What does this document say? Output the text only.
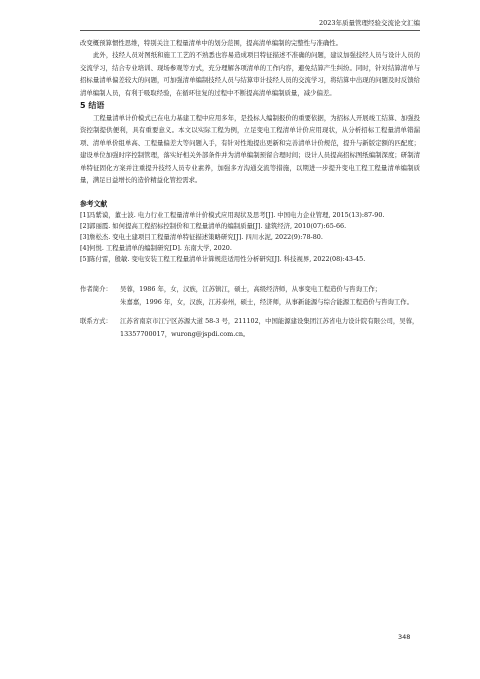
2023年质量管理经验交流论文汇编

改变概预算惯性思维，特别关注工程量清单中的划分范围，提高清单编制的完整性与准确性。

此外，技经人员对图纸和施工工艺的不熟悉也容易造成项目特征描述不准确的问题，建议加强技经人员与设计人员的交流学习，结合专业培训、现场参观等方式，充分理解各项清单的工作内容，避免结算产生纠纷。同时，针对结算清单与招标量清单偏差较大的问题，可加强清单编制技经人员与结算审计技经人员的交流学习，将结算中出现的问题及时反馈给清单编制人员，有利于吸取经验，在循环往复的过程中不断提高清单编制质量，减少偏差。

5 结语

工程量清单计价模式已在电力基建工程中应用多年，是投标人编制报价的重要依据，为招标人开展竣工结算、加强投资控制提供便利，具有重要意义。本文以实际工程为例，立足变电工程清单计价应用现状，从分析招标工程量清单错漏项、清单单价组单高、工程量偏差大等问题入手，有针对性地提出更新和完善清单计价规范，提升与新版定额的匹配度；建设单位加强时序控制管理，落实好相关外部条件并为清单编制预留合理时间；设计人员提高招标图纸编制深度；研制清单特征固化方案并注重提升技经人员专业素养，加强多方沟通交流等措施，以期进一步提升变电工程工程量清单编制质量，满足日益增长的造价精益化管控需求。

参考文献

[1]冯紫谟，董士波. 电力行业工程量清单计价模式应用现状及思考[J]. 中国电力企业管理, 2015(13):87-90.

[2]郭丽霞. 如何提高工程招标控制价和工程量清单的编制质量[J]. 建筑经济, 2010(07):65-66.

[3]詹松杰. 变电土建项目工程量清单特征描述策略研究[J]. 四川水泥, 2022(9):78-80.

[4]何悦. 工程量清单的编制研究[D]. 东南大学, 2020.

[5]陈付雷，殷敏. 变电安装工程工程量清单计算规范适用性分析研究[J]. 科技视界, 2022(08):43-45.

作者简介：	吴蓉，1986 年，女，汉族，江苏镇江，硕士，高级经济师，从事变电工程造价与咨询工作；
朱嘉嘉，1996 年，女，汉族，江苏泰州，硕士，经济师，从事新能源与综合能源工程造价与咨询工作。
联系方式：	江苏省南京市江宁区苏源大道 58-3 号，211102，中国能源建设集团江苏省电力设计院有限公司，吴蓉，13357700017，wurong@jspdi.com.cn。
348
